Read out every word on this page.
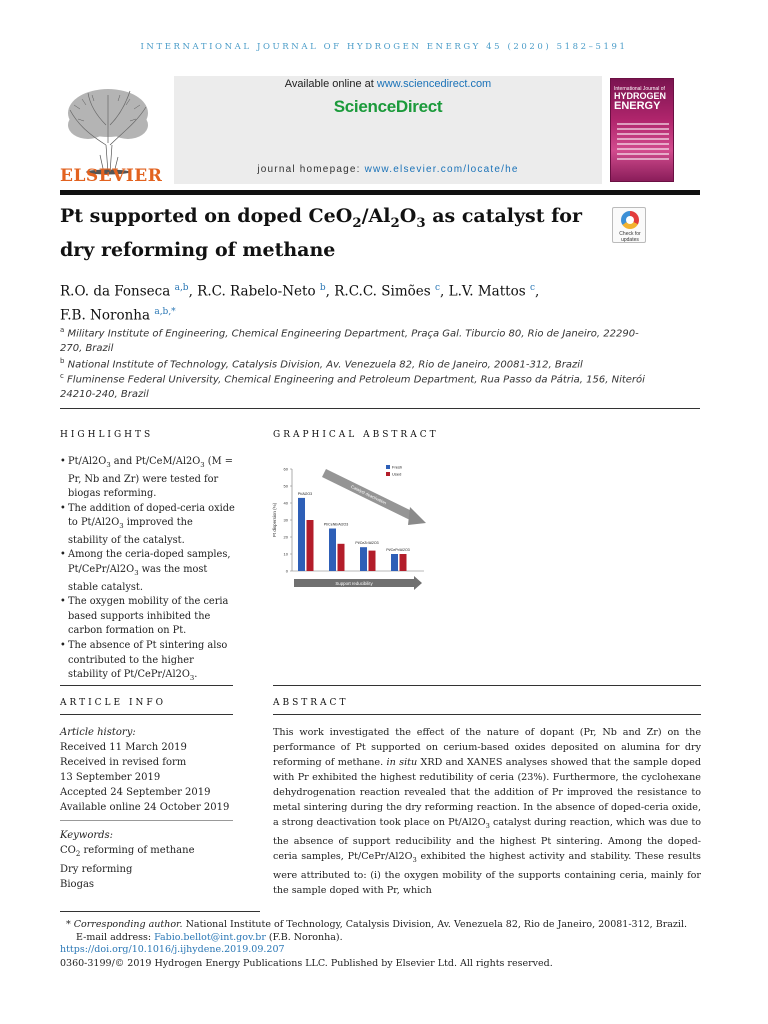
INTERNATIONAL JOURNAL OF HYDROGEN ENERGY 45 (2020) 5182–5191
ELSEVIER
Available online at www.sciencedirect.com
ScienceDirect
journal homepage: www.elsevier.com/locate/he
International Journal of
HYDROGEN
ENERGY
Pt supported on doped $CeO_2/Al_2O_3$ as catalyst for dry reforming of methane
Check for updates
R.O. da Fonseca $^{a,b}$, R.C. Rabelo-Neto $^b$, R.C.C. Simões $^c$, L.V. Mattos $^c$,
F.B. Noronha $^{a,b,*}$
$^a$ Military Institute of Engineering, Chemical Engineering Department, Praça Gal. Tiburcio 80, Rio de Janeiro, 22290-270, Brazil
$^b$ National Institute of Technology, Catalysis Division, Av. Venezuela 82, Rio de Janeiro, 20081-312, Brazil
$^c$ Fluminense Federal University, Chemical Engineering and Petroleum Department, Rua Passo da Pátria, 156, Niterói 24210-240, Brazil
HIGHLIGHTS	GRAPHICAL ABSTRACT
• $Pt/Al2O_3$ and $Pt/CeM/Al2O_3$ (M = Pr, Nb and Zr) were tested for biogas reforming.
• The addition of doped-ceria oxide to $Pt/Al2O_3$ improved the stability of the catalyst.
• Among the ceria-doped samples, $Pt/CePr/Al2O_3$ was the most stable catalyst.
• The oxygen mobility of the ceria based supports inhibited the carbon formation on Pt.
• The absence of Pt sintering also contributed to the higher stability of $Pt/CePr/Al2O_3$.
0
10
20
30
40
50
60
Pt dispersion (%)
Catalyst deactivation
Pt/Al2O3
Pt/CeNb/Al2O3
Pt/CeZr/Al2O3
Pt/CePr/Al2O3
Fresh
Used
Support reducibility
ARTICLE INFO	ABSTRACT
Article history:
Received 11 March 2019
Received in revised form
13 September 2019
Accepted 24 September 2019
Available online 24 October 2019
Keywords:
$CO_2$ reforming of methane
Dry reforming
Biogas
This work investigated the effect of the nature of dopant (Pr, Nb and Zr) on the performance of Pt supported on cerium-based oxides deposited on alumina for dry reforming of methane. in situ XRD and XANES analyses showed that the sample doped with Pr exhibited the highest redutibility of ceria (23%). Furthermore, the cyclohexane dehydrogenation reaction revealed that the addition of Pr improved the resistance to metal sintering during the dry reforming reaction. In the absence of doped-ceria oxide, a strong deactivation took place on $Pt/Al2O_3$ catalyst during reaction, which was due to the absence of support reducibility and the highest Pt sintering. Among the doped-ceria samples, $Pt/CePr/Al2O_3$ exhibited the highest activity and stability. These results were attributed to: (i) the oxygen mobility of the supports containing ceria, mainly for the sample doped with Pr, which
* Corresponding author. National Institute of Technology, Catalysis Division, Av. Venezuela 82, Rio de Janeiro, 20081-312, Brazil.
E-mail address: Fabio.bellot@int.gov.br (F.B. Noronha).
https://doi.org/10.1016/j.ijhydene.2019.09.207
0360-3199/© 2019 Hydrogen Energy Publications LLC. Published by Elsevier Ltd. All rights reserved.
